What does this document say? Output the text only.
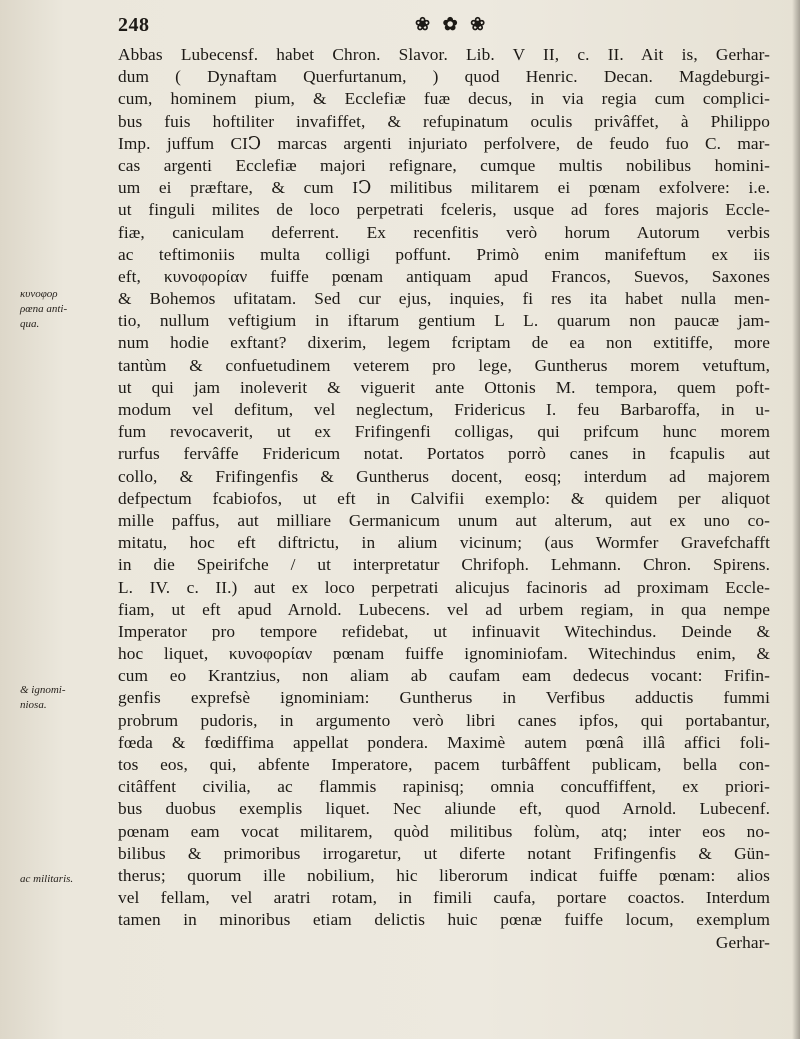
248	❀ ✿ ❀
κυνοφορ
ρœna anti-
qua.
& ignomi-
niosa.
ac militaris.
Abbas Lubecensf. habet Chron. Slavor. Lib. V II, c. II. Ait is, Gerhar-
dum ( Dynaftam Querfurtanum, ) quod Henric. Decan. Magdeburgi-
cum, hominem pium, & Ecclefiæ fuæ decus, in via regia cum complici-
bus fuis hoftiliter invafiffet, & refupinatum oculis privâffet, à Philippo
Imp. juffum CIↃ marcas argenti injuriato perfolvere, de feudo fuo C. mar-
cas argenti Ecclefiæ majori refignare, cumque multis nobilibus homini-
um ei præftare, & cum IↃ militibus militarem ei pœnam exfolvere: i.e.
ut finguli milites de loco perpetrati fceleris, usque ad fores majoris Eccle-
fiæ, caniculam deferrent. Ex recenfitis verò horum Autorum verbis
ac teftimoniis multa colligi poffunt. Primò enim manifeftum ex iis
eft, κυνοφορίαν fuiffe pœnam antiquam apud Francos, Suevos, Saxones
& Bohemos ufitatam. Sed cur ejus, inquies, fi res ita habet nulla men-
tio, nullum veftigium in iftarum gentium L L. quarum non paucæ jam-
num hodie exftant? dixerim, legem fcriptam de ea non extitiffe, more
tantùm & confuetudinem veterem pro lege, Guntherus morem vetuftum,
ut qui jam inoleverit & viguerit ante Ottonis M. tempora, quem poft-
modum vel defitum, vel neglectum, Fridericus I. feu Barbaroffa, in u-
fum revocaverit, ut ex Frifingenfi colligas, qui prifcum hunc morem
rurfus fervâffe Fridericum notat. Portatos porrò canes in fcapulis aut
collo, & Frifingenfis & Guntherus docent, eosq; interdum ad majorem
defpectum fcabiofos, ut eft in Calvifii exemplo: & quidem per aliquot
mille paffus, aut milliare Germanicum unum aut alterum, aut ex uno co-
mitatu, hoc eft diftrictu, in alium vicinum; (aus Wormfer Gravefchafft
in die Speirifche / ut interpretatur Chrifoph. Lehmann. Chron. Spirens.
L. IV. c. II.) aut ex loco perpetrati alicujus facinoris ad proximam Eccle-
fiam, ut eft apud Arnold. Lubecens. vel ad urbem regiam, in qua nempe
Imperator pro tempore refidebat, ut infinuavit Witechindus. Deinde &
hoc liquet, κυνοφορίαν pœnam fuiffe ignominiofam. Witechindus enim, &
cum eo Krantzius, non aliam ab caufam eam dedecus vocant: Frifin-
genfis exprefsè ignominiam: Guntherus in Verfibus adductis fummi
probrum pudoris, in argumento verò libri canes ipfos, qui portabantur,
fœda & fœdiffima appellat pondera. Maximè autem pœnâ illâ affici foli-
tos eos, qui, abfente Imperatore, pacem turbâffent publicam, bella con-
citâffent civilia, ac flammis rapinisq; omnia concuffiffent, ex priori-
bus duobus exemplis liquet. Nec aliunde eft, quod Arnold. Lubecenf.
pœnam eam vocat militarem, quòd militibus folùm, atq; inter eos no-
bilibus & primoribus irrogaretur, ut diferte notant Frifingenfis & Gün-
therus; quorum ille nobilium, hic liberorum indicat fuiffe pœnam: alios
vel fellam, vel aratri rotam, in fimili caufa, portare coactos. Interdum
tamen in minoribus etiam delictis huic pœnæ fuiffe locum, exemplum
Gerhar-
